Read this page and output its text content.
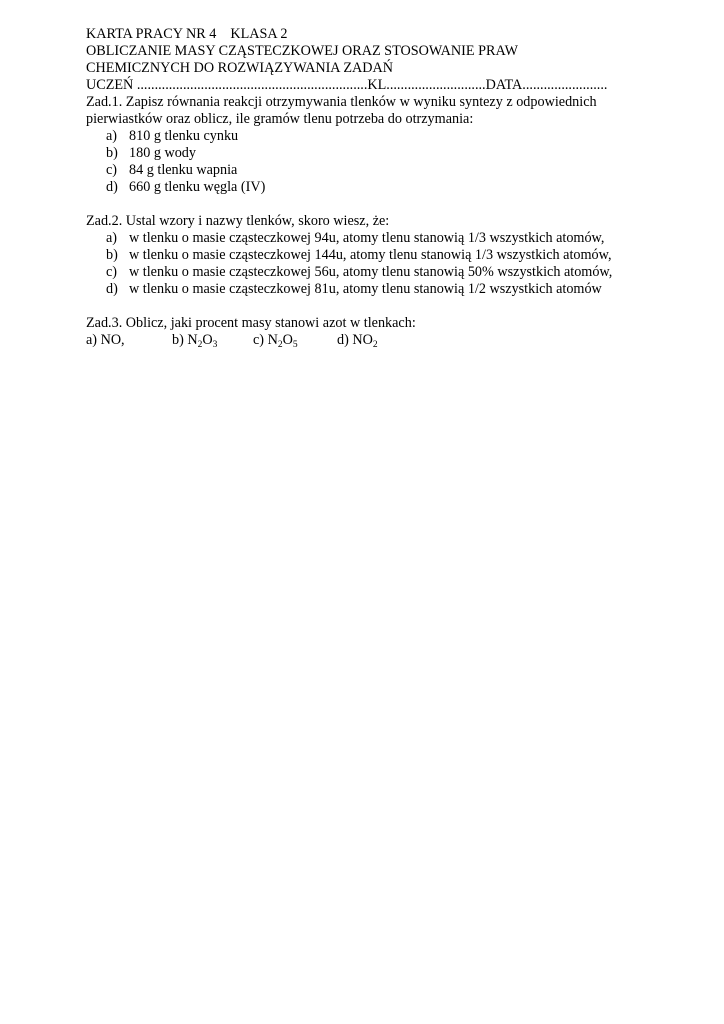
KARTA PRACY NR 4 KLASA 2
OBLICZANIE MASY CZĄSTECZKOWEJ ORAZ STOSOWANIE PRAW
CHEMICZNYCH DO ROZWIĄZYWANIA ZADAŃ
UCZEŃ .................................................................KL............................DATA........................
Zad.1. Zapisz równania reakcji otrzymywania tlenków w wyniku syntezy z odpowiednich
pierwiastków oraz oblicz, ile gramów tlenu potrzeba do otrzymania:
a) 810 g tlenku cynku
b) 180 g wody
c) 84 g tlenku wapnia
d) 660 g tlenku węgla (IV)
Zad.2. Ustal wzory i nazwy tlenków, skoro wiesz, że:
a) w tlenku o masie cząsteczkowej 94u, atomy tlenu stanowią 1/3 wszystkich atomów,
b) w tlenku o masie cząsteczkowej 144u, atomy tlenu stanowią 1/3 wszystkich atomów,
c) w tlenku o masie cząsteczkowej 56u, atomy tlenu stanowią 50% wszystkich atomów,
d) w tlenku o masie cząsteczkowej 81u, atomy tlenu stanowią 1/2 wszystkich atomów
Zad.3. Oblicz, jaki procent masy stanowi azot w tlenkach:
a) NO,	b) $N_2O_3$	c) $N_2O_5$	d) $NO_2$
